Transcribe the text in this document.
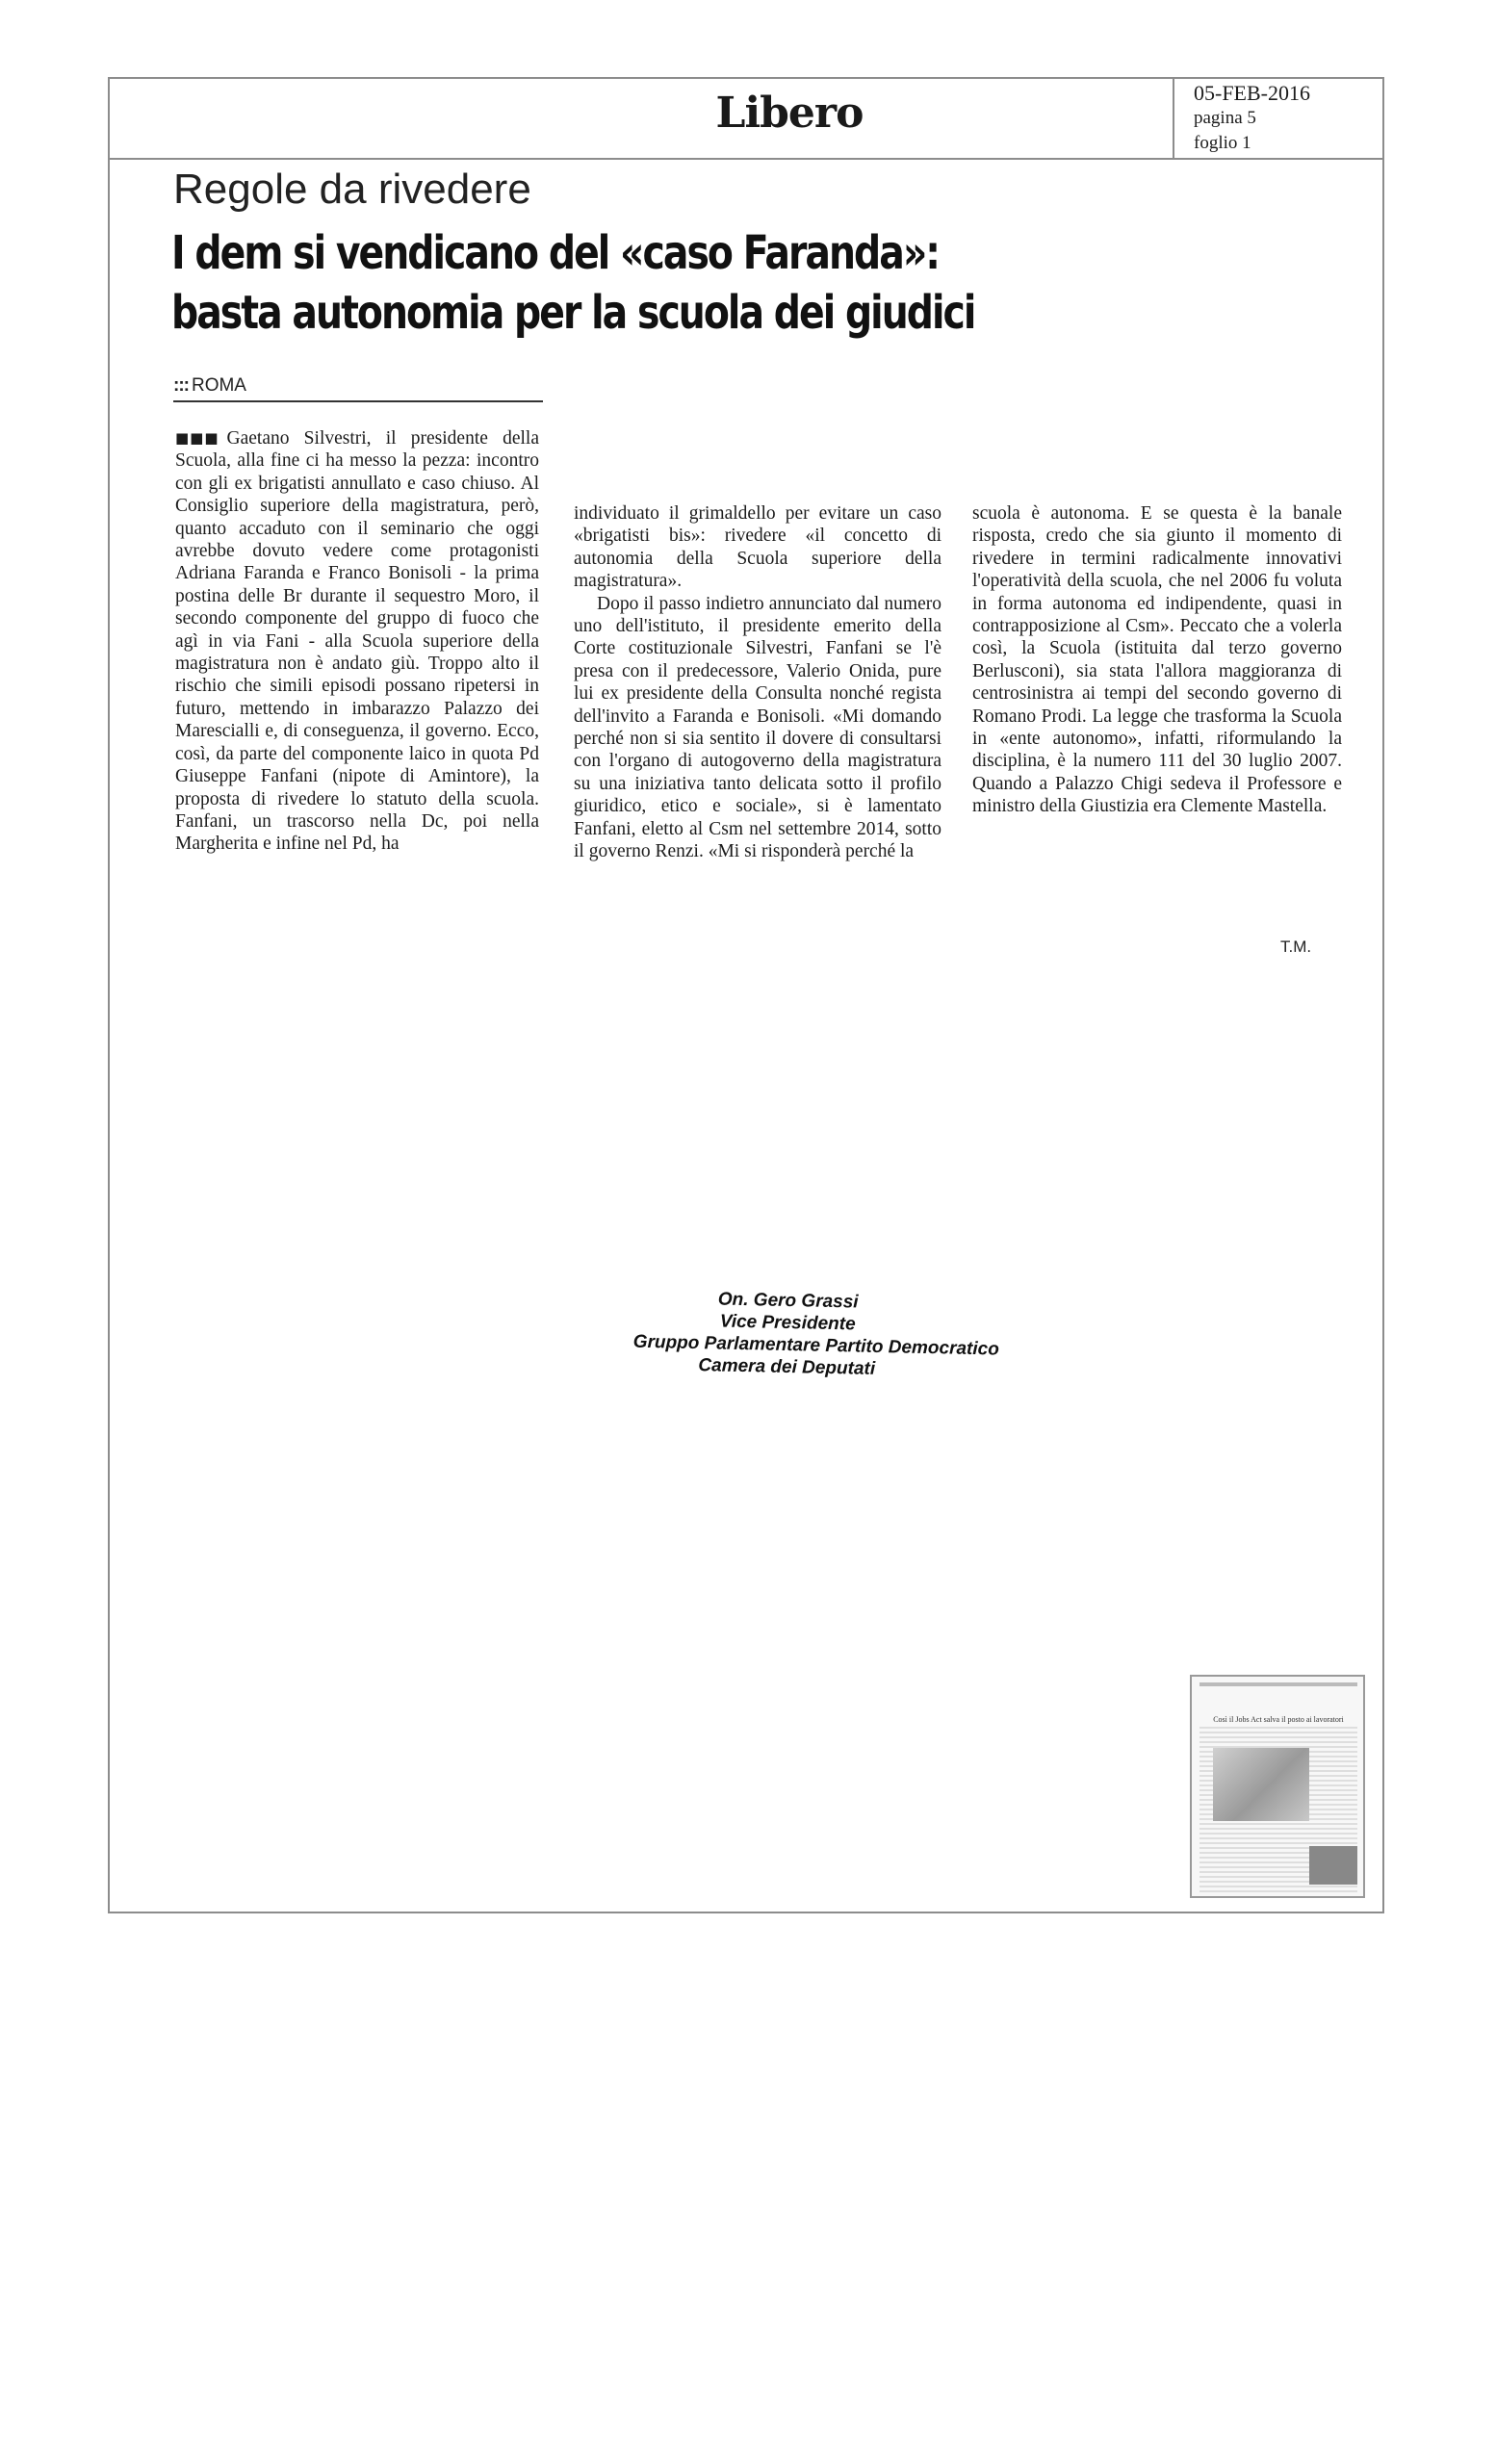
Libero	05-FEB-2016
pagina 5
foglio 1
Regole da rivedere
I dem si vendicano del «caso Faranda»:
basta autonomia per la scuola dei giudici
::: ROMA

■■■ Gaetano Silvestri, il presidente della Scuola, alla fine ci ha messo la pezza: incontro con gli ex brigatisti annullato e caso chiuso. Al Consiglio superiore della magistratura, però, quanto accaduto con il seminario che oggi avrebbe dovuto vedere come protagonisti Adriana Faranda e Franco Bonisoli - la prima postina delle Br durante il sequestro Moro, il secondo componente del gruppo di fuoco che agì in via Fani - alla Scuola superiore della magistratura non è andato giù. Troppo alto il rischio che simili episodi possano ripetersi in futuro, mettendo in imbarazzo Palazzo dei Marescialli e, di conseguenza, il governo. Ecco, così, da parte del componente laico in quota Pd Giuseppe Fanfani (nipote di Amintore), la proposta di rivedere lo statuto della scuola. Fanfani, un trascorso nella Dc, poi nella Margherita e infine nel Pd, ha

individuato il grimaldello per evitare un caso «brigatisti bis»: rivedere «il concetto di autonomia della Scuola superiore della magistratura».

Dopo il passo indietro annunciato dal numero uno dell'istituto, il presidente emerito della Corte costituzionale Silvestri, Fanfani se l'è presa con il predecessore, Valerio Onida, pure lui ex presidente della Consulta nonché regista dell'invito a Faranda e Bonisoli. «Mi domando perché non si sia sentito il dovere di consultarsi con l'organo di autogoverno della magistratura su una iniziativa tanto delicata sotto il profilo giuridico, etico e sociale», si è lamentato Fanfani, eletto al Csm nel settembre 2014, sotto il governo Renzi. «Mi si risponderà perché la

scuola è autonoma. E se questa è la banale risposta, credo che sia giunto il momento di rivedere in termini radicalmente innovativi l'operatività della scuola, che nel 2006 fu voluta in forma autonoma ed indipendente, quasi in contrapposizione al Csm». Peccato che a volerla così, la Scuola (istituita dal terzo governo Berlusconi), sia stata l'allora maggioranza di centrosinistra ai tempi del secondo governo di Romano Prodi. La legge che trasforma la Scuola in «ente autonomo», infatti, riformulando la disciplina, è la numero 111 del 30 luglio 2007. Quando a Palazzo Chigi sedeva il Professore e ministro della Giustizia era Clemente Mastella.

T.M.
On. Gero Grassi
Vice Presidente
Gruppo Parlamentare Partito Democratico
Camera dei Deputati
Così il Jobs Act salva il posto ai lavoratori
